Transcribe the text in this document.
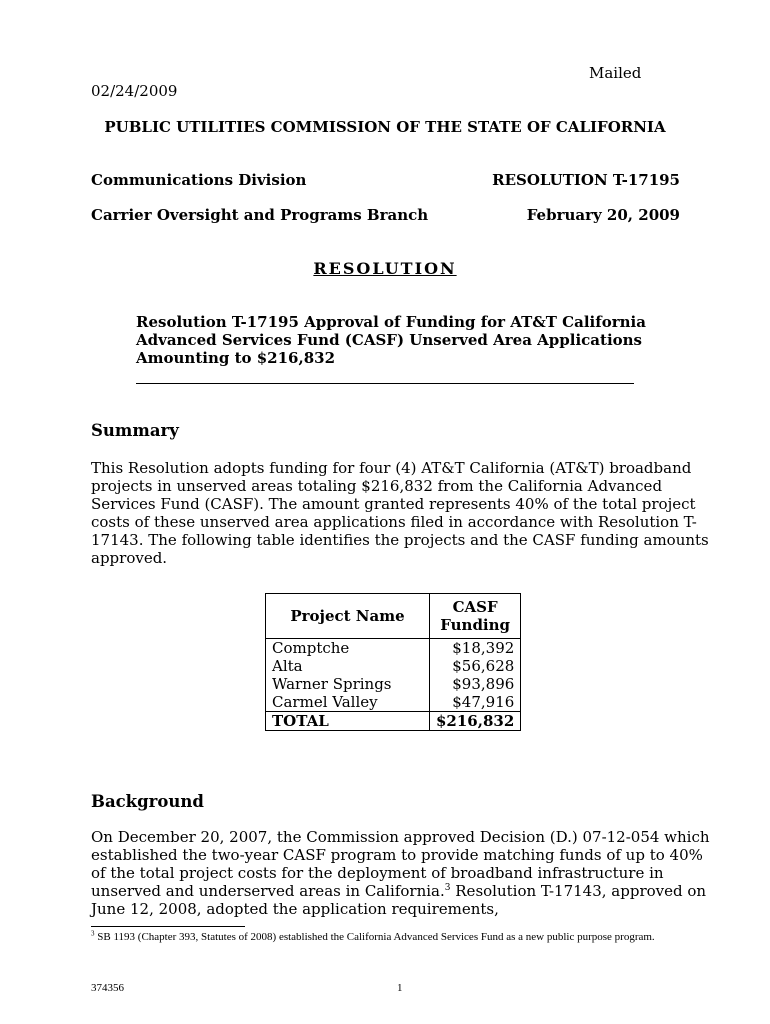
Mailed
02/24/2009
PUBLIC UTILITIES COMMISSION OF THE STATE OF CALIFORNIA
Communications Division
Carrier Oversight and Programs Branch
RESOLUTION T-17195
February 20, 2009
RESOLUTION
Resolution T-17195 Approval of Funding for AT&T California Advanced Services Fund (CASF) Unserved Area Applications Amounting to $216,832
Summary
This Resolution adopts funding for four (4) AT&T California (AT&T) broadband projects in unserved areas totaling $216,832 from the California Advanced Services Fund (CASF). The amount granted represents 40% of the total project costs of these unserved area applications filed in accordance with Resolution T-17143. The following table identifies the projects and the CASF funding amounts approved.
Project Name	CASF Funding
Comptche	$18,392
Alta	$56,628
Warner Springs	$93,896
Carmel Valley	$47,916
TOTAL	$216,832
Background
On December 20, 2007, the Commission approved Decision (D.) 07-12-054 which established the two-year CASF program to provide matching funds of up to 40% of the total project costs for the deployment of broadband infrastructure in unserved and underserved areas in California.$^3$ Resolution T-17143, approved on June 12, 2008, adopted the application requirements,
$^3$ SB 1193 (Chapter 393, Statutes of 2008) established the California Advanced Services Fund as a new public purpose program.
374356	1
